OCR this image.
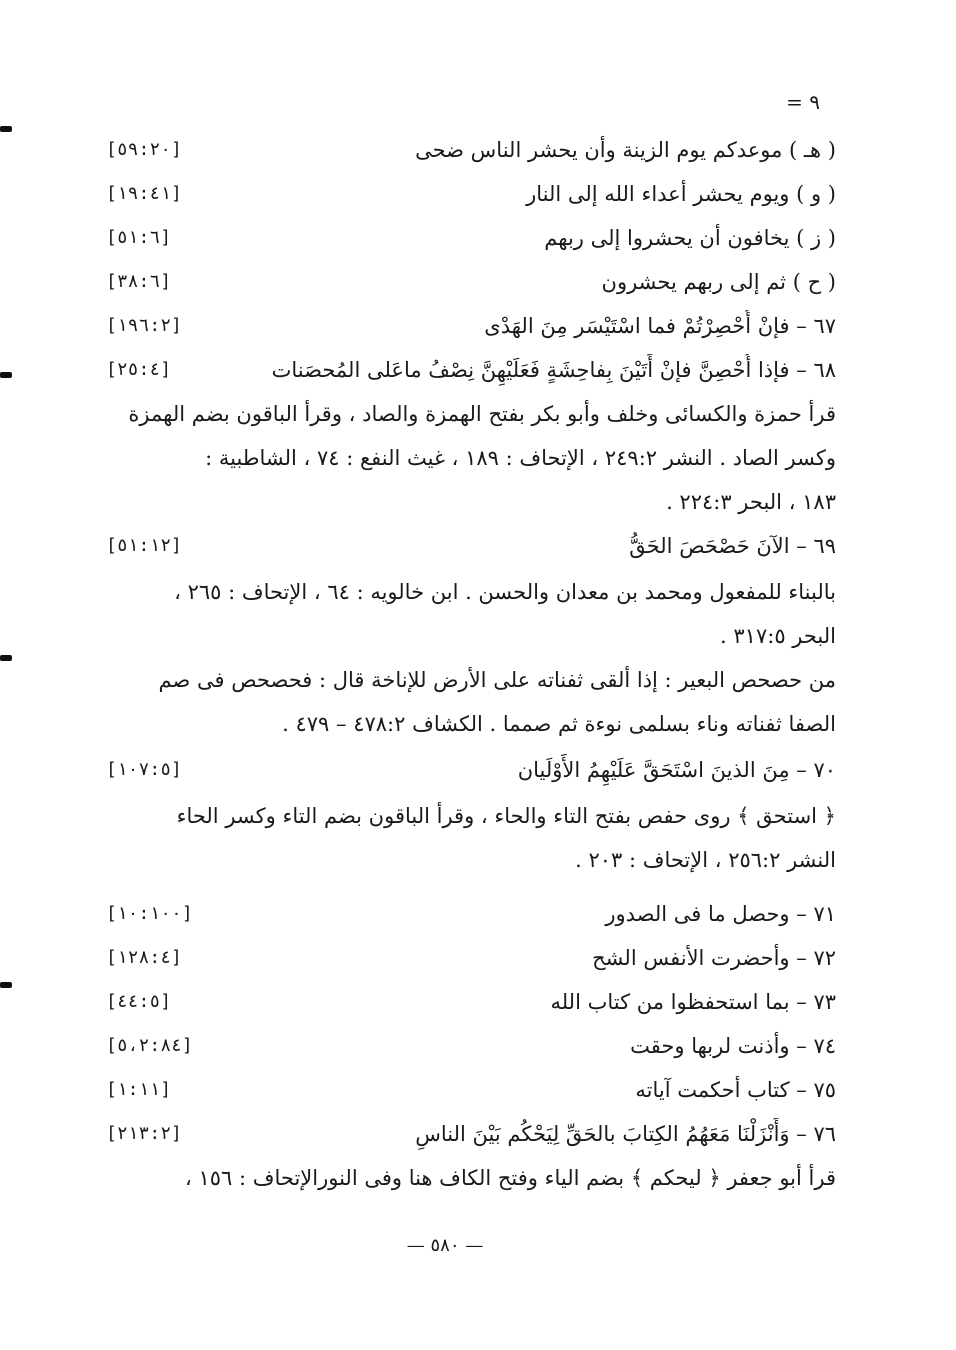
٩ =
( هـ ) موعدكم يوم الزينة وأن يحشر الناس ضحى
[٥٩:٢٠]
( و ) ويوم يحشر أعداء الله إلى النار
[١٩:٤١]
( ز ) يخافون أن يحشروا إلى ربهم
[٥١:٦]
( ح ) ثم إلى ربهم يحشرون
[٣٨:٦]
٦٧ – فإنْ أُحْصِرْتُمْ فما اسْتَيْسَر مِنَ الهَدْى
[١٩٦:٢]
٦٨ – فإذا أُحْصِنَّ فإنْ أَتَيْنَ بِفاحِشَةٍ فَعَلَيْهِنَّ نِصْفُ ماعَلى المُحصَنات
[٢٥:٤]
قرأ حمزة والكسائى وخلف وأبو بكر بفتح الهمزة والصاد ، وقرأ الباقون بضم الهمزة
وكسر الصاد . النشر ٢٤٩:٢ ، الإتحاف : ١٨٩ ، غيث النفع : ٧٤ ، الشاطبية :
١٨٣ ، البحر ٢٢٤:٣ .
٦٩ – الآنَ حَصْحَصَ الحَقُّ
[٥١:١٢]
بالبناء للمفعول ومحمد بن معدان والحسن . ابن خالويه : ٦٤ ، الإتحاف : ٢٦٥ ،
البحر ٣١٧:٥ .
من حصحص البعير : إذا ألقى ثفناته على الأرض للإناخة قال : فحصحص فى صم
الصفا ثفناته وناء بسلمى نوءة ثم صمما . الكشاف ٤٧٨:٢ – ٤٧٩ .
٧٠ – مِنَ الذينَ اسْتَحَقَّ عَلَيْهِمُ الأَوْلَيان
[١٠٧:٥]
﴿ استحق ﴾ روى حفص بفتح التاء والحاء ، وقرأ الباقون بضم التاء وكسر الحاء
النشر ٢٥٦:٢ ، الإتحاف : ٢٠٣ .
٧١ – وحصل ما فى الصدور
[١٠:١٠٠]
٧٢ – وأحضرت الأنفس الشح
[١٢٨:٤]
٧٣ – بما استحفظوا من كتاب الله
[٤٤:٥]
٧٤ – وأذنت لربها وحقت
[٥،٢:٨٤]
٧٥ – كتاب أحكمت آياته
[١:١١]
٧٦ – وَأَنْزَلْنَا مَعَهُمُ الكِتابَ بالحَقِّ لِيَحْكُم بَيْنَ الناسِ
[٢١٣:٢]
قرأ أبو جعفر ﴿ ليحكم ﴾ بضم الياء وفتح الكاف هنا وفى النورالإتحاف : ١٥٦ ،
— ٥٨٠ —
